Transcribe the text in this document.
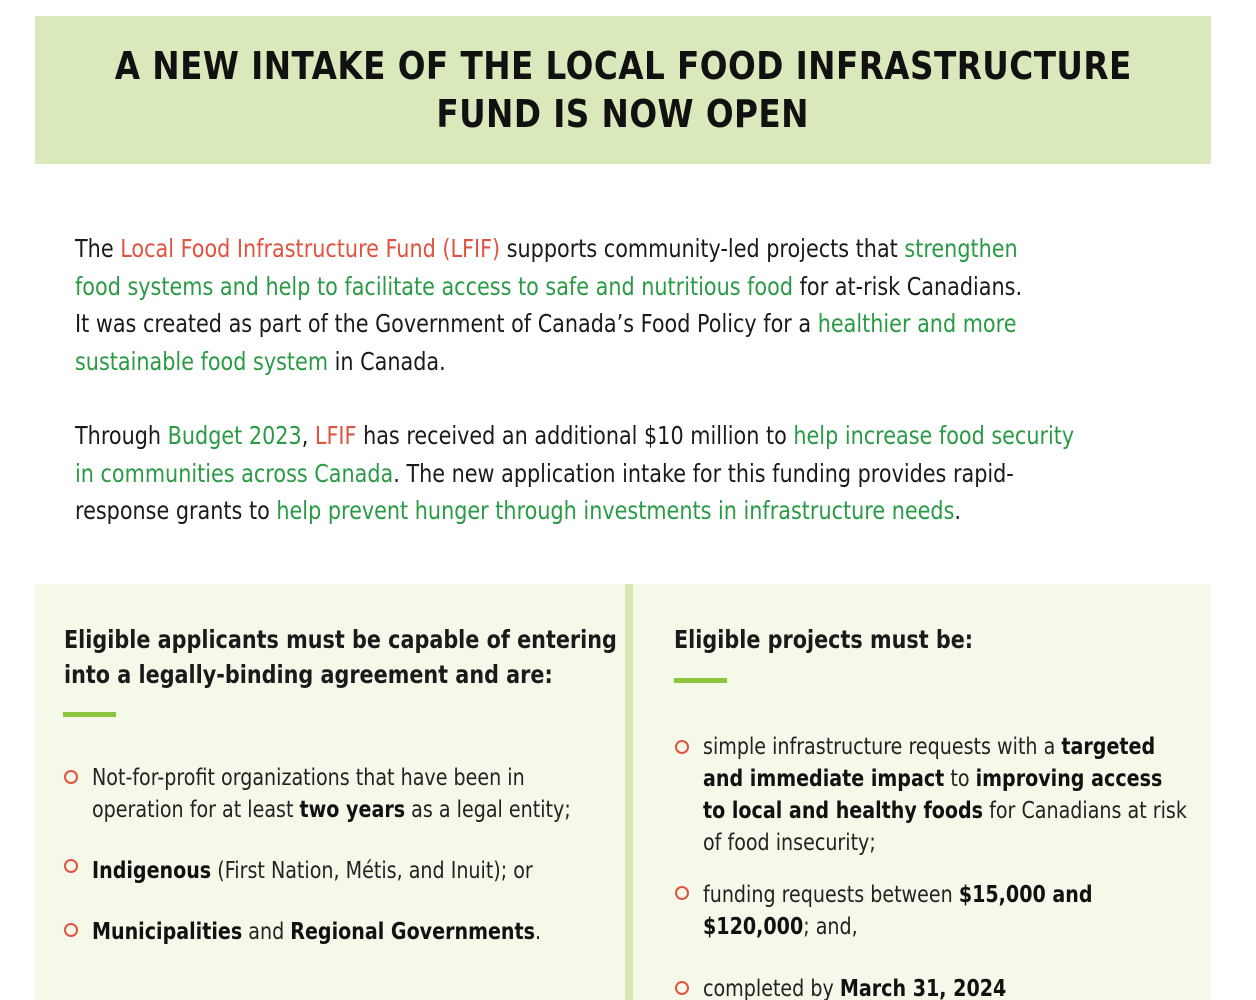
A NEW INTAKE OF THE LOCAL FOOD INFRASTRUCTURE
FUND IS NOW OPEN

The Local Food Infrastructure Fund (LFIF) supports community-led projects that strengthen

food systems and help to facilitate access to safe and nutritious food for at-risk Canadians.

It was created as part of the Government of Canada’s Food Policy for a healthier and more

sustainable food system in Canada.

Through Budget 2023, LFIF has received an additional $10 million to help increase food security

in communities across Canada. The new application intake for this funding provides rapid-

response grants to help prevent hunger through investments in infrastructure needs.

Eligible applicants must be capable of entering
into a legally-binding agreement and are:
Not-for-profit organizations that have been in
operation for at least two years as a legal entity;
Indigenous (First Nation, Métis, and Inuit); or
Municipalities and Regional Governments.
Eligible projects must be:
simple infrastructure requests with a targeted
and immediate impact to improving access
to local and healthy foods for Canadians at risk
of food insecurity;
funding requests between $15,000 and
$120,000; and,
completed by March 31, 2024
